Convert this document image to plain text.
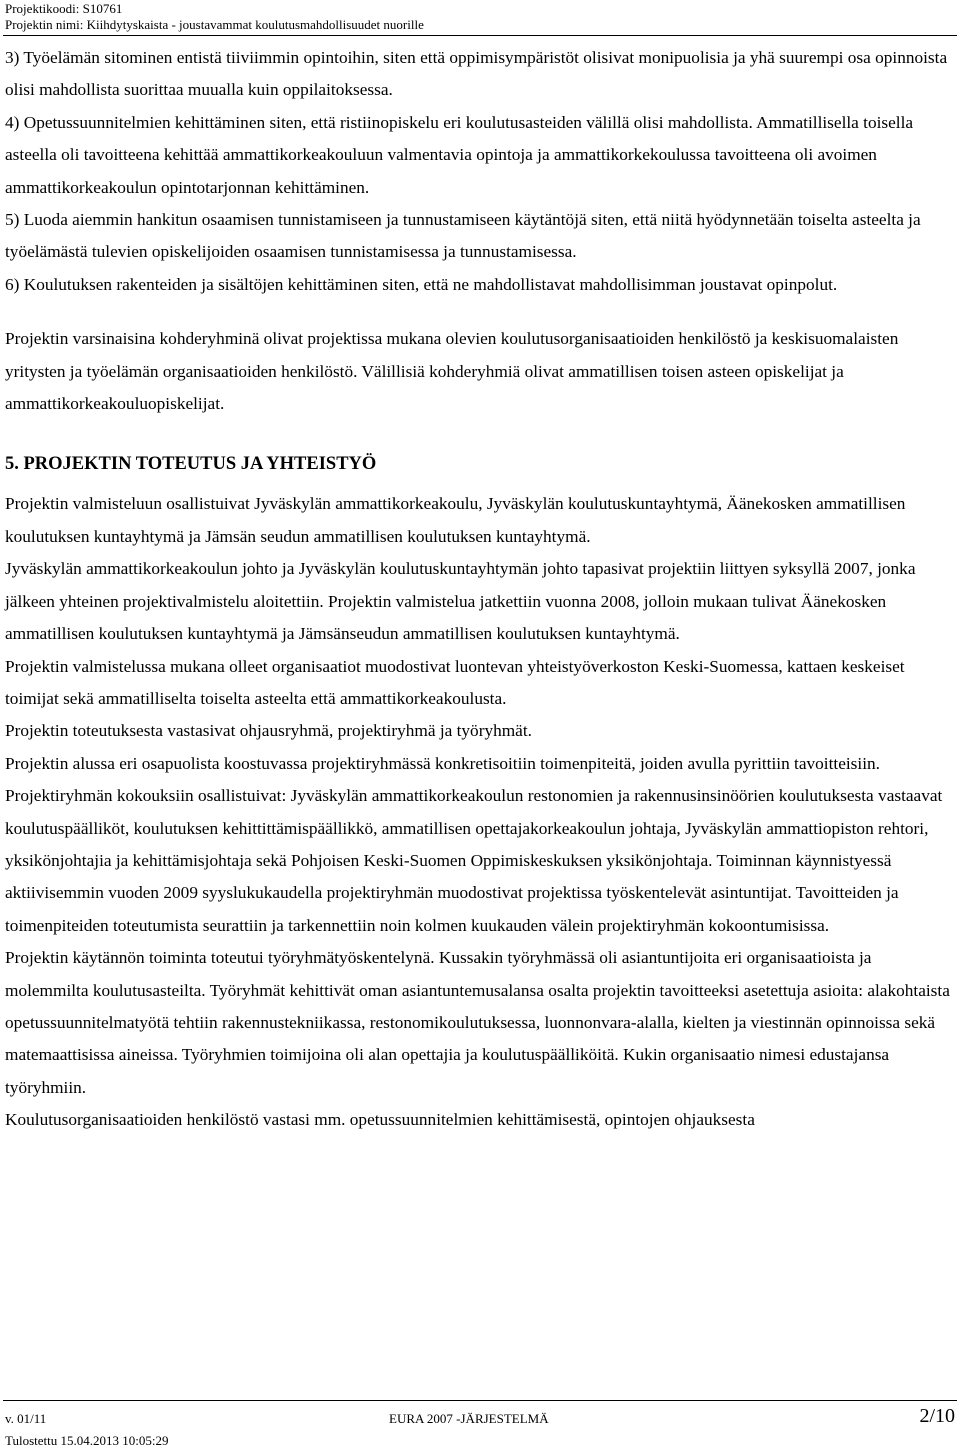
Projektikoodi: S10761
Projektin nimi: Kiihdytyskaista - joustavammat koulutusmahdollisuudet nuorille

3) Työelämän sitominen entistä tiiviimmin opintoihin, siten että oppimisympäristöt olisivat monipuolisia ja yhä suurempi osa opinnoista olisi mahdollista suorittaa muualla kuin oppilaitoksessa.

4) Opetussuunnitelmien kehittäminen siten, että ristiinopiskelu eri koulutusasteiden välillä olisi mahdollista. Ammatillisella toisella asteella oli tavoitteena kehittää ammattikorkeakouluun valmentavia opintoja ja ammattikorkekoulussa tavoitteena oli avoimen ammattikorkeakoulun opintotarjonnan kehittäminen.

5) Luoda aiemmin hankitun osaamisen tunnistamiseen ja tunnustamiseen käytäntöjä siten, että niitä hyödynnetään toiselta asteelta ja työelämästä tulevien opiskelijoiden osaamisen tunnistamisessa ja tunnustamisessa.

6) Koulutuksen rakenteiden ja sisältöjen kehittäminen siten, että ne mahdollistavat mahdollisimman joustavat opinpolut.

Projektin varsinaisina kohderyhminä olivat projektissa mukana olevien koulutusorganisaatioiden henkilöstö ja keskisuomalaisten yritysten ja työelämän organisaatioiden henkilöstö. Välillisiä kohderyhmiä olivat ammatillisen toisen asteen opiskelijat ja ammattikorkeakouluopiskelijat.

5. PROJEKTIN TOTEUTUS JA YHTEISTYÖ

Projektin valmisteluun osallistuivat Jyväskylän ammattikorkeakoulu, Jyväskylän koulutuskuntayhtymä, Äänekosken ammatillisen koulutuksen kuntayhtymä ja Jämsän seudun ammatillisen koulutuksen kuntayhtymä.

Jyväskylän ammattikorkeakoulun johto ja Jyväskylän koulutuskuntayhtymän johto tapasivat projektiin liittyen syksyllä 2007, jonka jälkeen yhteinen projektivalmistelu aloitettiin. Projektin valmistelua jatkettiin vuonna 2008, jolloin mukaan tulivat Äänekosken ammatillisen koulutuksen kuntayhtymä ja Jämsänseudun ammatillisen koulutuksen kuntayhtymä.

Projektin valmistelussa mukana olleet organisaatiot muodostivat luontevan yhteistyöverkoston Keski-Suomessa, kattaen keskeiset toimijat sekä ammatilliselta toiselta asteelta että ammattikorkeakoulusta.

Projektin toteutuksesta vastasivat ohjausryhmä, projektiryhmä ja työryhmät.

Projektin alussa eri osapuolista koostuvassa projektiryhmässä konkretisoitiin toimenpiteitä, joiden avulla pyrittiin tavoitteisiin. Projektiryhmän kokouksiin osallistuivat: Jyväskylän ammattikorkeakoulun restonomien ja rakennusinsinöörien koulutuksesta vastaavat koulutuspäälliköt, koulutuksen kehittittämispäällikkö, ammatillisen opettajakorkeakoulun johtaja, Jyväskylän ammattiopiston rehtori, yksikönjohtajia ja kehittämisjohtaja sekä Pohjoisen Keski-Suomen Oppimiskeskuksen yksikönjohtaja. Toiminnan käynnistyessä aktiivisemmin vuoden 2009 syyslukukaudella projektiryhmän muodostivat projektissa työskentelevät asintuntijat. Tavoitteiden ja toimenpiteiden toteutumista seurattiin ja tarkennettiin noin kolmen kuukauden välein projektiryhmän kokoontumisissa.

Projektin käytännön toiminta toteutui työryhmätyöskentelynä. Kussakin työryhmässä oli asiantuntijoita eri organisaatioista ja molemmilta koulutusasteilta. Työryhmät kehittivät oman asiantuntemusalansa osalta projektin tavoitteeksi asetettuja asioita: alakohtaista opetussuunnitelmatyötä tehtiin rakennustekniikassa, restonomikoulutuksessa, luonnonvara-alalla, kielten ja viestinnän opinnoissa sekä matemaattisissa aineissa. Työryhmien toimijoina oli alan opettajia ja koulutuspäälliköitä. Kukin organisaatio nimesi edustajansa työryhmiin.

Koulutusorganisaatioiden henkilöstö vastasi mm. opetussuunnitelmien kehittämisestä, opintojen ohjauksesta

v. 01/11	EURA 2007 -JÄRJESTELMÄ	2/10
Tulostettu 15.04.2013 10:05:29
